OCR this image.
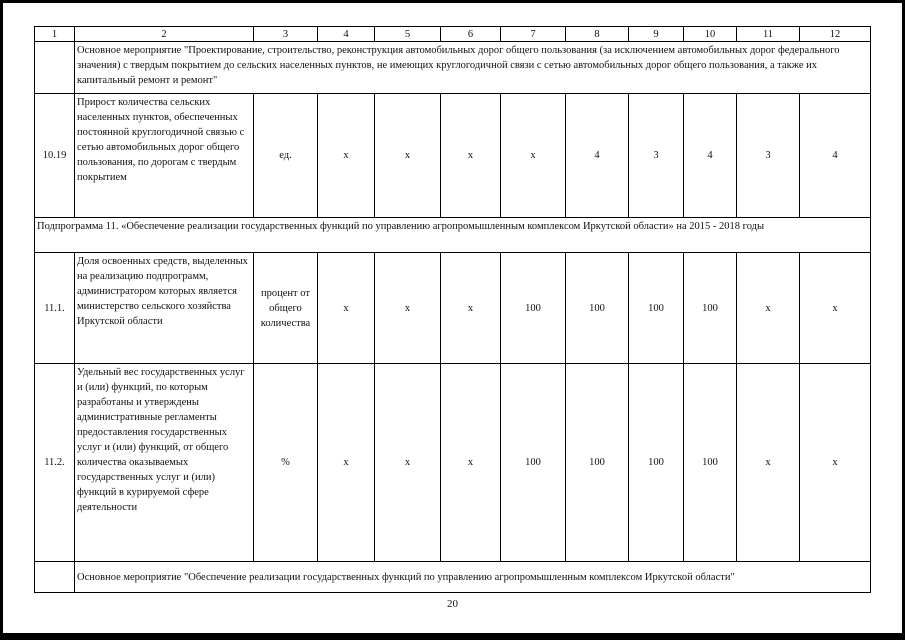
1	2	3	4	5	6	7	8	9	10	11	12
	Основное мероприятие "Проектирование, строительство, реконструкция автомобильных дорог общего пользования (за исключением автомобильных дорог федерального значения) с твердым покрытием до сельских населенных пунктов, не имеющих круглогодичной связи с сетью автомобильных дорог общего пользования, а также их капитальный ремонт и ремонт"										
10.19	Прирост количества сельских населенных пунктов, обеспеченных постоянной круглогодичной связью с сетью автомобильных дорог общего пользования, по дорогам с твердым покрытием	ед.	x	x	x	x	4	3	4	3	4
Подпрограмма 11. «Обеспечение реализации государственных функций по управлению агропромышленным комплексом Иркутской области» на 2015 - 2018 годы											
11.1.	Доля освоенных средств, выделенных на реализацию подпрограмм, администратором которых является министерство сельского хозяйства Иркутской области	процент от общего количества	x	x	x	100	100	100	100	x	x
11.2.	Удельный вес государственных услуг и (или) функций, по которым разработаны и утверждены административные регламенты предоставления государственных услуг и (или) функций, от общего количества оказываемых государственных услуг и (или) функций в курируемой сфере деятельности	%	x	x	x	100	100	100	100	x	x
	Основное мероприятие "Обеспечение реализации государственных функций по управлению агропромышленным комплексом Иркутской области"										
20
